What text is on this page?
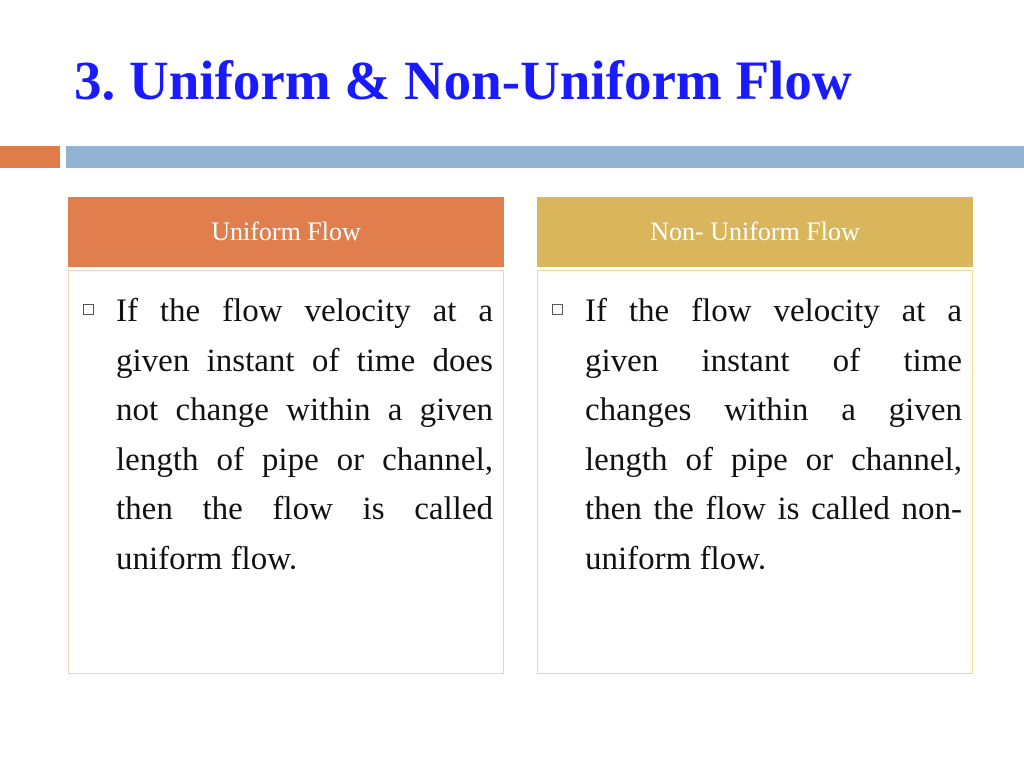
3. Uniform & Non-Uniform Flow
Uniform Flow

If the flow velocity at a given instant of time does not change within a given length of pipe or channel, then the flow is called uniform flow.

Non- Uniform Flow

If the flow velocity at a given instant of time changes within a given length of pipe or channel, then the flow is called non-uniform flow.
